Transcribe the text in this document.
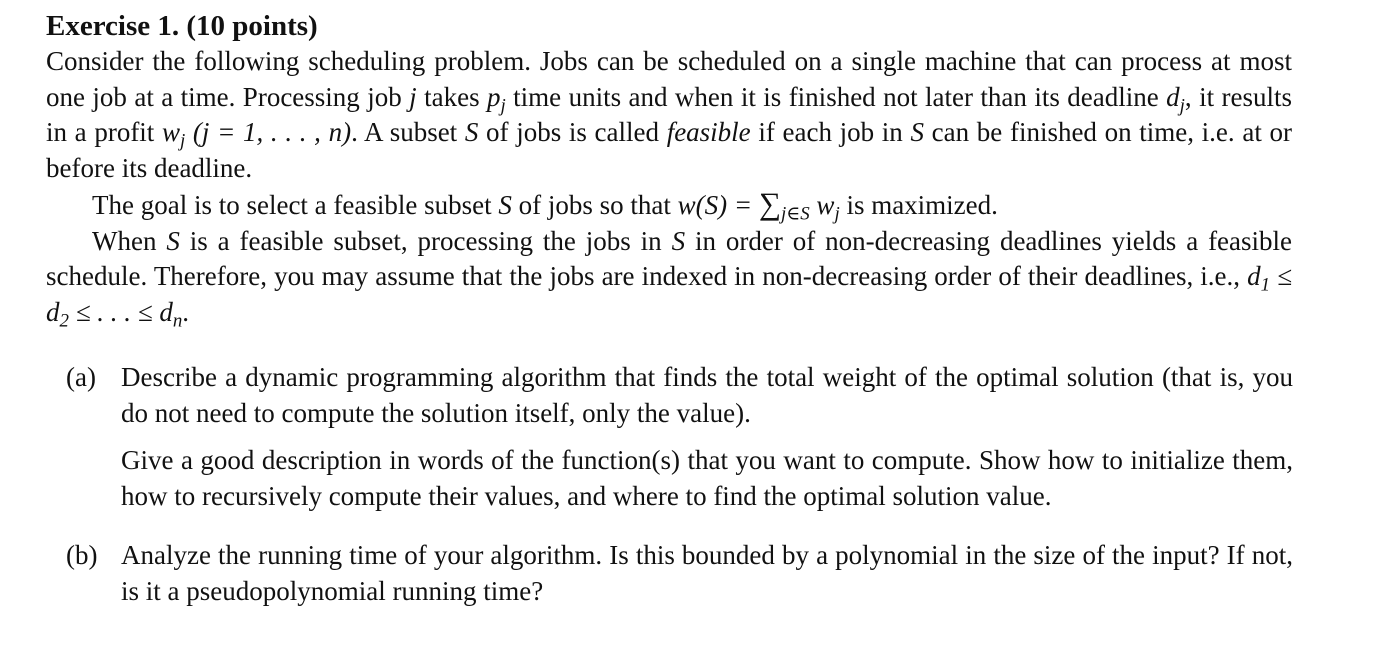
Exercise 1. (10 points)

Consider the following scheduling problem. Jobs can be scheduled on a single machine that can process at most one job at a time. Processing job j takes $p_j$ time units and when it is finished not later than its deadline $d_j$, it results in a profit $w_j$ (j = 1, . . . , n). A subset S of jobs is called feasible if each job in S can be finished on time, i.e. at or before its deadline.

The goal is to select a feasible subset S of jobs so that $w(S) = \sum_{j\in S}$ $w_j$ is maximized.

When S is a feasible subset, processing the jobs in S in order of non-decreasing deadlines yields a feasible schedule. Therefore, you may assume that the jobs are indexed in non-decreasing order of their deadlines, i.e., $d_1 \le d_2$ ≤ . . . ≤ $d_n$.

(a) Describe a dynamic programming algorithm that finds the total weight of the optimal solution (that is, you do not need to compute the solution itself, only the value).

Give a good description in words of the function(s) that you want to compute. Show how to initialize them, how to recursively compute their values, and where to find the optimal solution value.

(b) Analyze the running time of your algorithm. Is this bounded by a polynomial in the size of the input? If not, is it a pseudopolynomial running time?
